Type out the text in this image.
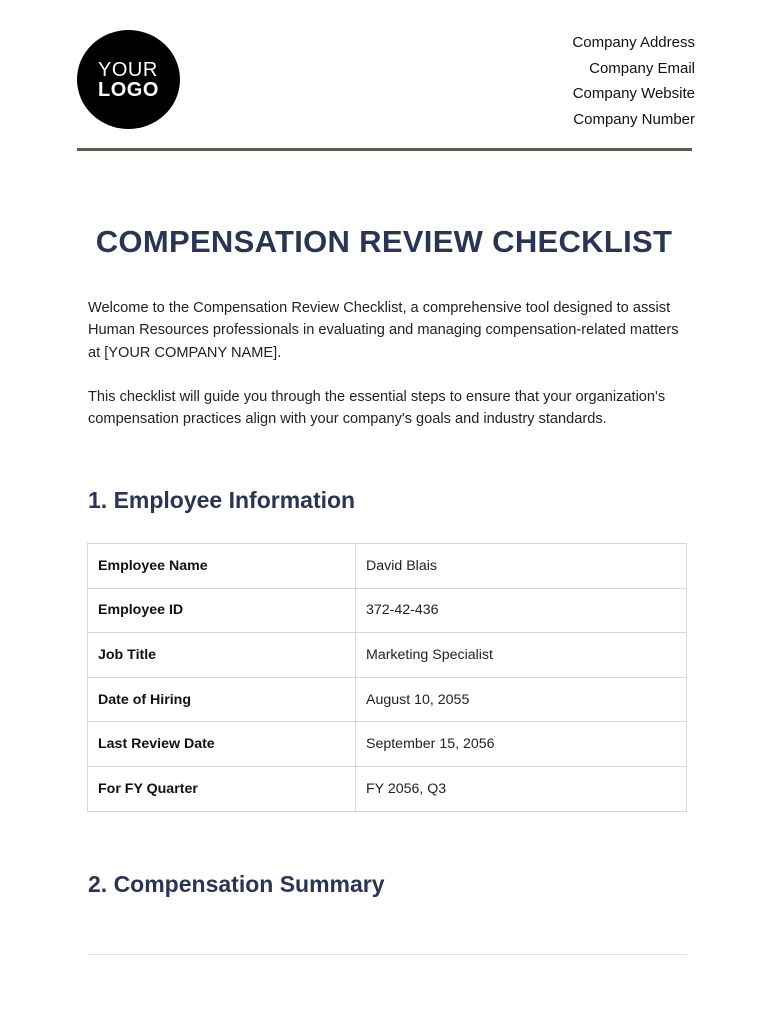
YOUR
LOGO
Company Address
Company Email
Company Website
Company Number
COMPENSATION REVIEW CHECKLIST

Welcome to the Compensation Review Checklist, a comprehensive tool designed to assist Human Resources professionals in evaluating and managing compensation-related matters at [YOUR COMPANY NAME].

This checklist will guide you through the essential steps to ensure that your organization's compensation practices align with your company's goals and industry standards.

1. Employee Information
Employee Name	David Blais
Employee ID	372-42-436
Job Title	Marketing Specialist
Date of Hiring	August 10, 2055
Last Review Date	September 15, 2056
For FY Quarter	FY 2056, Q3
2. Compensation Summary
